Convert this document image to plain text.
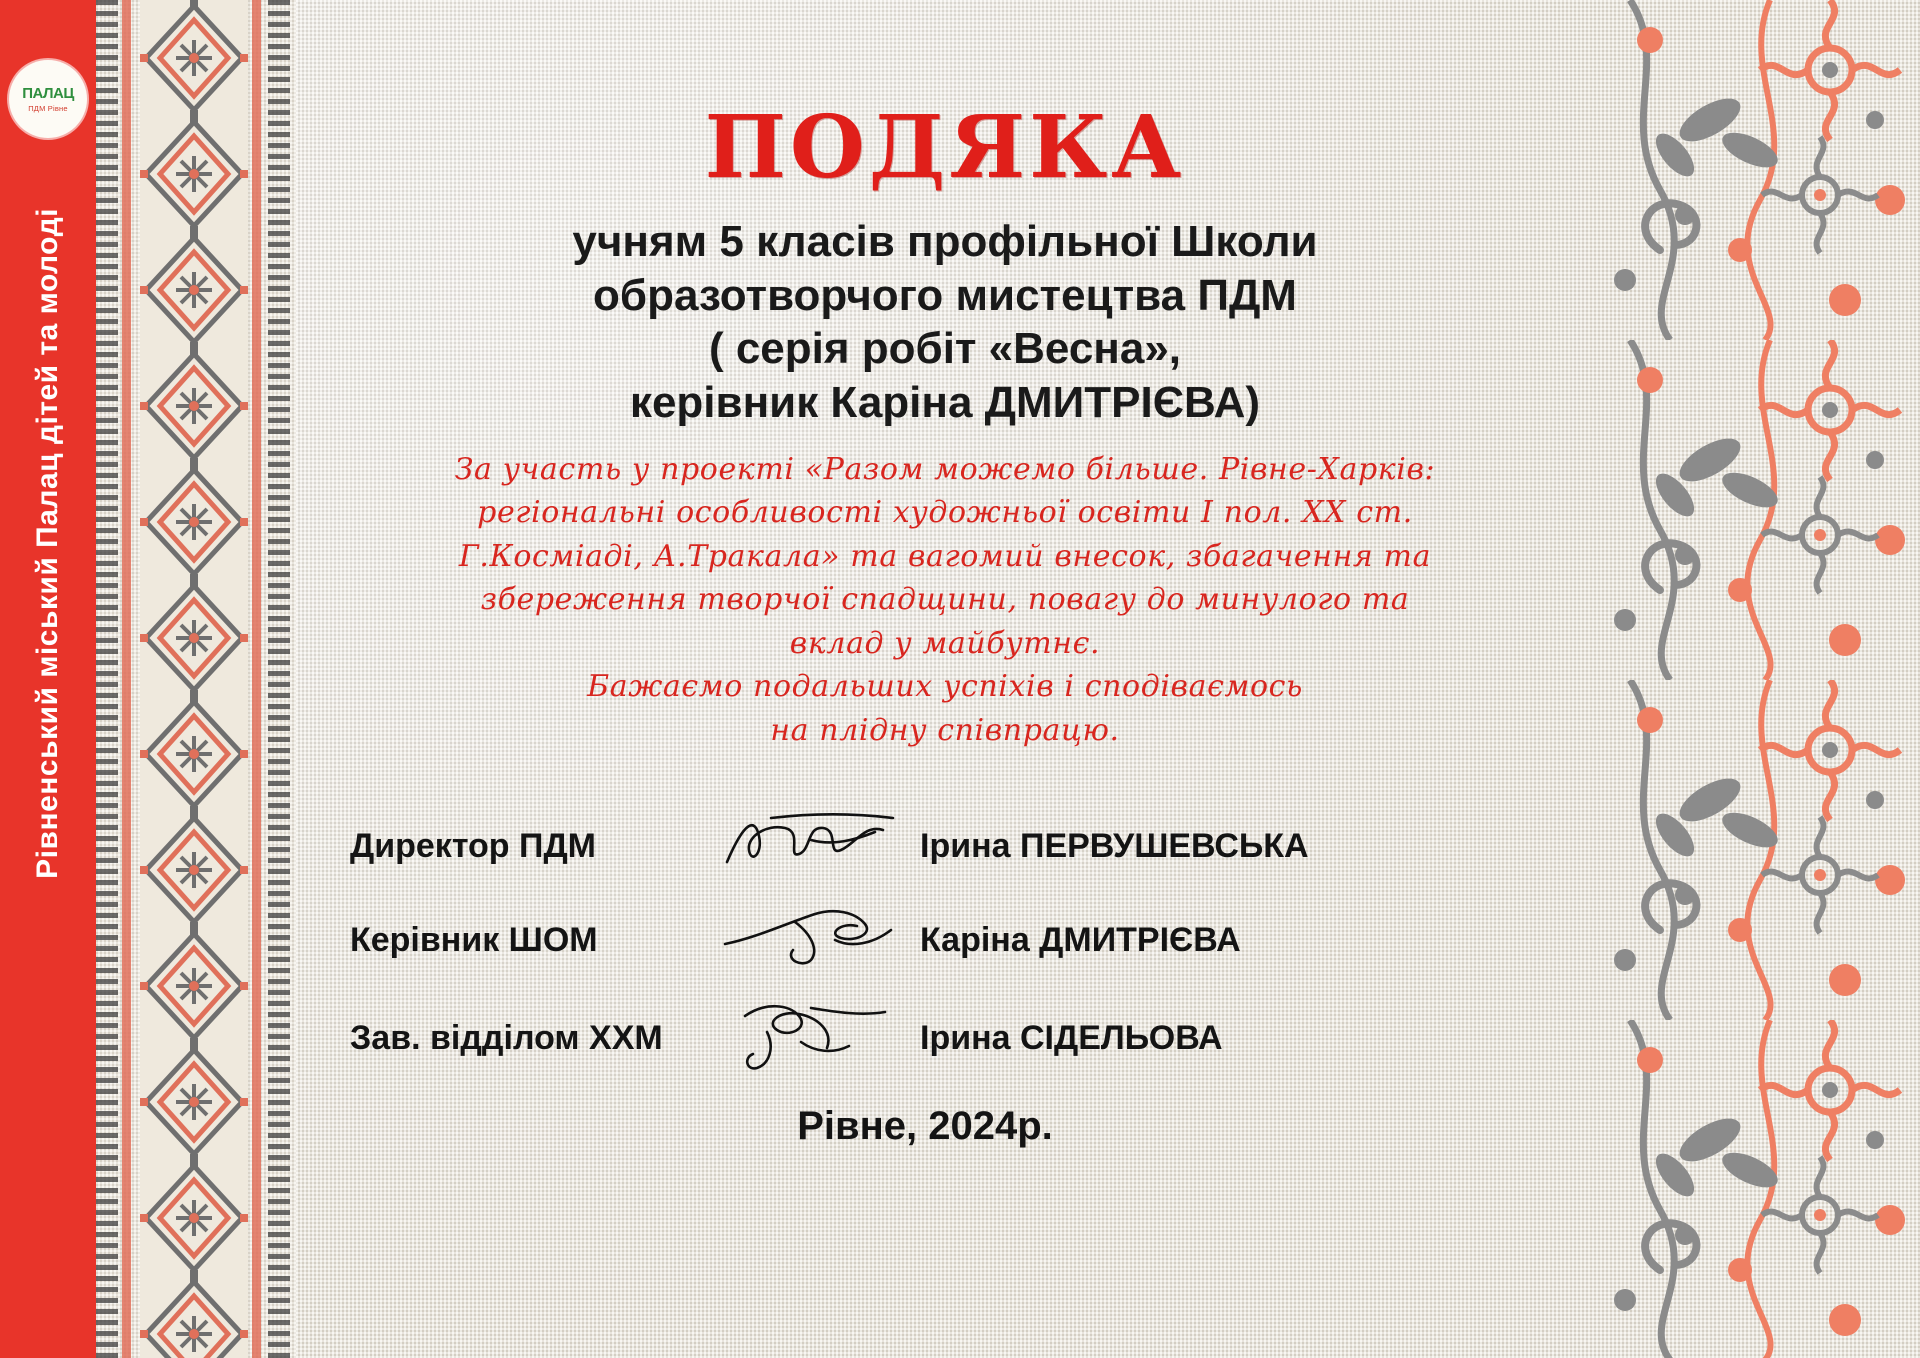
ПАЛАЦ
ПДМ Рівне
Рівненський міський Палац дітей та молоді
ПОДЯКА
учням 5 класів профільної Школи
образотворчого мистецтва ПДМ
( серія робіт «Весна»,
керівник Каріна ДМИТРІЄВА)
За участь у проекті «Разом можемо більше. Рівне-Харків:
регіональні особливості художньої освіти І пол. ХХ ст.
Г.Косміаді, А.Тракала» та вагомий внесок, збагачення та
збереження творчої спадщини, повагу до минулого та
вклад у майбутнє.
Бажаємо подальших успіхів і сподіваємось
на плідну співпрацю.
Директор ПДМ	Ірина ПЕРВУШЕВСЬКА
Керівник ШОМ	Каріна ДМИТРІЄВА
Зав. відділом ХХМ	Ірина СІДЕЛЬОВА
Рівне, 2024р.
